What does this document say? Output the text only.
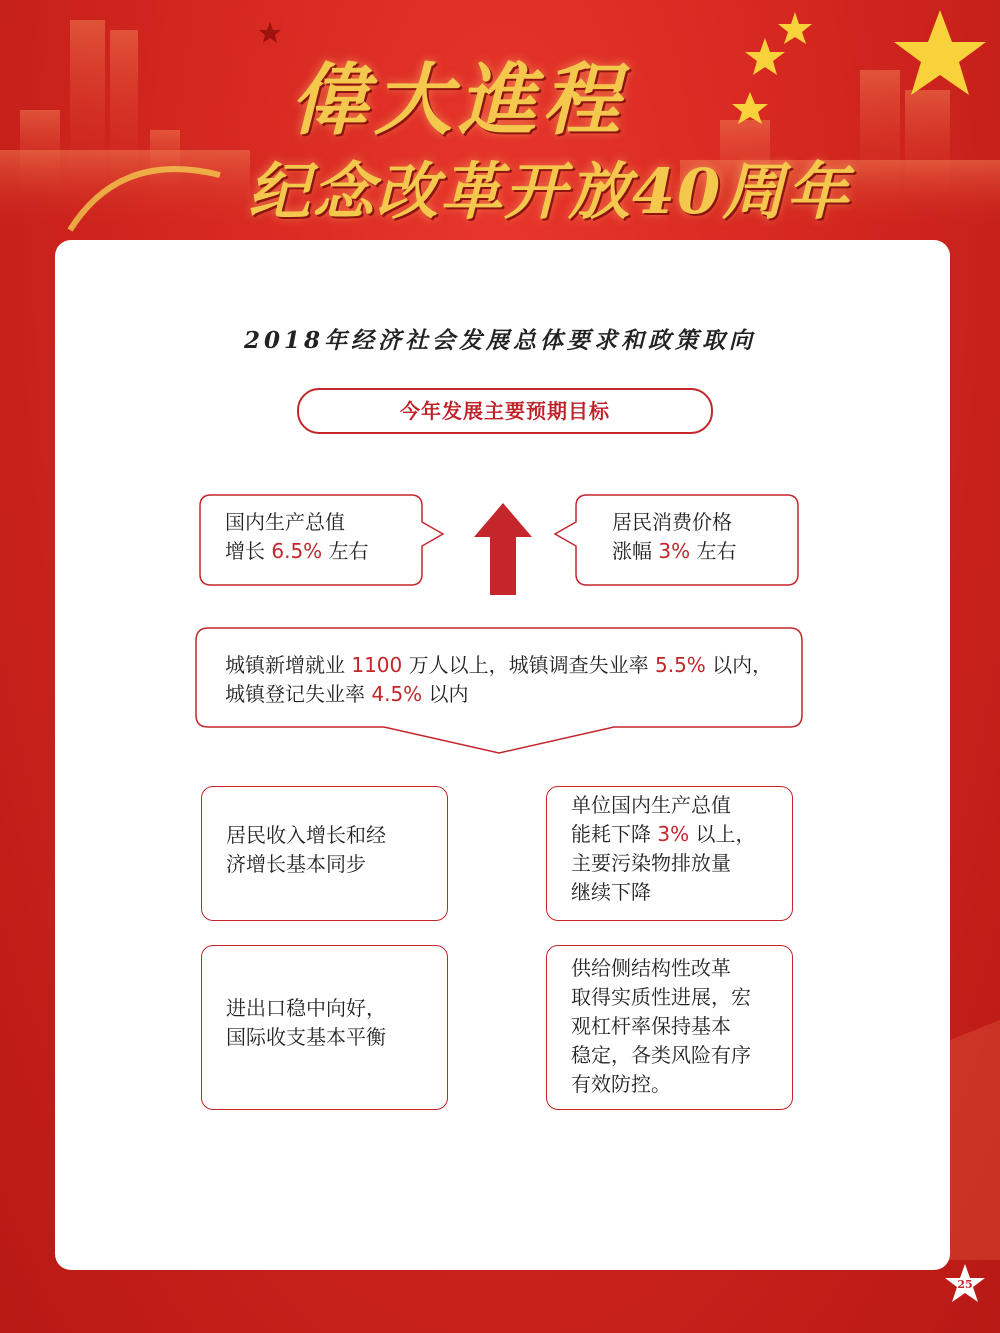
偉大進程
纪念改革开放40周年
2018年经济社会发展总体要求和政策取向
今年发展主要预期目标
国内生产总值
增长 6.5% 左右
居民消费价格
涨幅 3% 左右
城镇新增就业 1100 万人以上，城镇调查失业率 5.5% 以内，
城镇登记失业率 4.5% 以内
居民收入增长和经
济增长基本同步
单位国内生产总值
能耗下降 3% 以上，
主要污染物排放量
继续下降
进出口稳中向好，
国际收支基本平衡
供给侧结构性改革
取得实质性进展，宏
观杠杆率保持基本
稳定，各类风险有序
有效防控。
25
